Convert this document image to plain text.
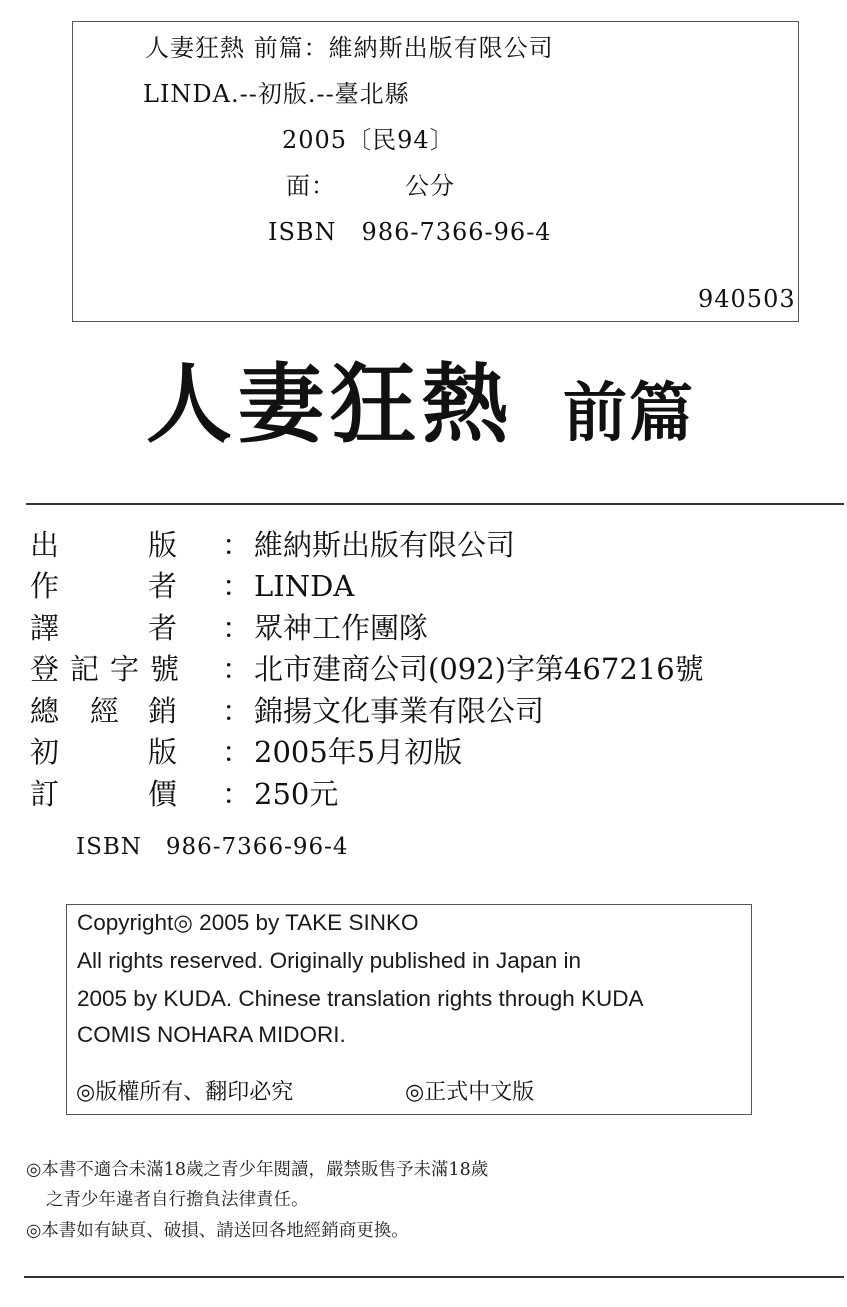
人妻狂熱 前篇：維納斯出版有限公司
LINDA.--初版.--臺北縣
2005〔民94〕
面：	公分
ISBN　986-7366-96-4
940503
人妻狂熱 前篇
出	版 ： 維納斯出版有限公司
作	者 ： LINDA
譯	者 ： 眾神工作團隊
登 記 字 號 ： 北市建商公司(092)字第467216號
總 經 銷 ： 錦揚文化事業有限公司
初	版 ： 2005年5月初版
訂	價 ： 250元
ISBN　986-7366-96-4
Copyright◎ 2005 by TAKE SINKO
All rights reserved. Originally published in Japan in
2005 by KUDA. Chinese translation rights through KUDA
COMIS NOHARA MIDORI.
◎版權所有、翻印必究	◎正式中文版
◎本書不適合未滿18歲之青少年閱讀，嚴禁販售予未滿18歲
之青少年違者自行擔負法律責任。
◎本書如有缺頁、破損、請送回各地經銷商更換。
